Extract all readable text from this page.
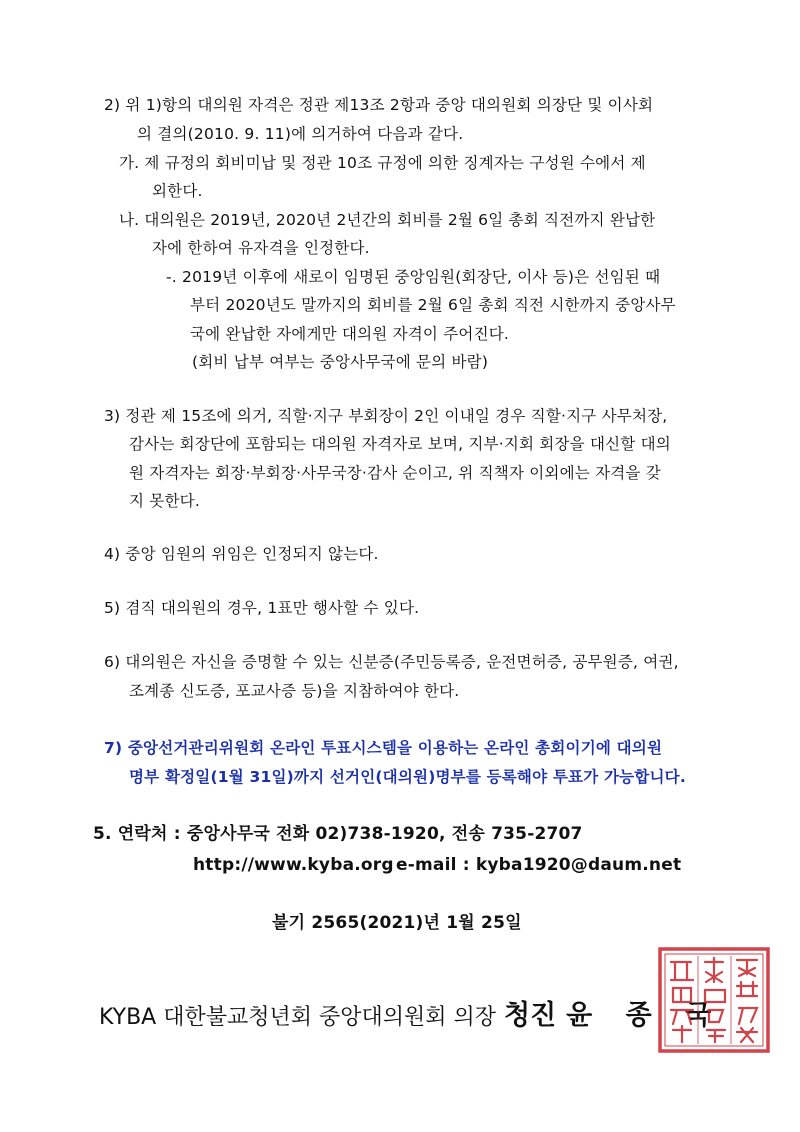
2) 위 1)항의 대의원 자격은 정관 제13조 2항과 중앙 대의원회 의장단 및 이사회
의 결의(2010. 9. 11)에 의거하여 다음과 같다.
가. 제 규정의 회비미납 및 정관 10조 규정에 의한 징계자는 구성원 수에서 제
외한다.
나. 대의원은 2019년, 2020년 2년간의 회비를 2월 6일 총회 직전까지 완납한
자에 한하여 유자격을 인정한다.
-. 2019년 이후에 새로이 임명된 중앙임원(회장단, 이사 등)은 선임된 때
부터 2020년도 말까지의 회비를 2월 6일 총회 직전 시한까지 중앙사무
국에 완납한 자에게만 대의원 자격이 주어진다.
(회비 납부 여부는 중앙사무국에 문의 바람)
3) 정관 제 15조에 의거, 직할·지구 부회장이 2인 이내일 경우 직할·지구 사무처장,
감사는 회장단에 포함되는 대의원 자격자로 보며, 지부·지회 회장을 대신할 대의
원 자격자는 회장·부회장·사무국장·감사 순이고, 위 직책자 이외에는 자격을 갖
지 못한다.
4) 중앙 임원의 위임은 인정되지 않는다.
5) 겸직 대의원의 경우, 1표만 행사할 수 있다.
6) 대의원은 자신을 증명할 수 있는 신분증(주민등록증, 운전면허증, 공무원증, 여권,
조계종 신도증, 포교사증 등)을 지참하여야 한다.
7) 중앙선거관리위원회 온라인 투표시스템을 이용하는 온라인 총회이기에 대의원
명부 확정일(1월 31일)까지 선거인(대의원)명부를 등록해야 투표가 가능합니다.
5. 연락처 : 중앙사무국 전화 02)738-1920, 전송 735-2707
http://www.kyba.org e-mail : kyba1920@daum.net
불기 2565(2021)년 1월 25일
KYBA 대한불교청년회 중앙대의원회 의장 청진 윤 종 국
